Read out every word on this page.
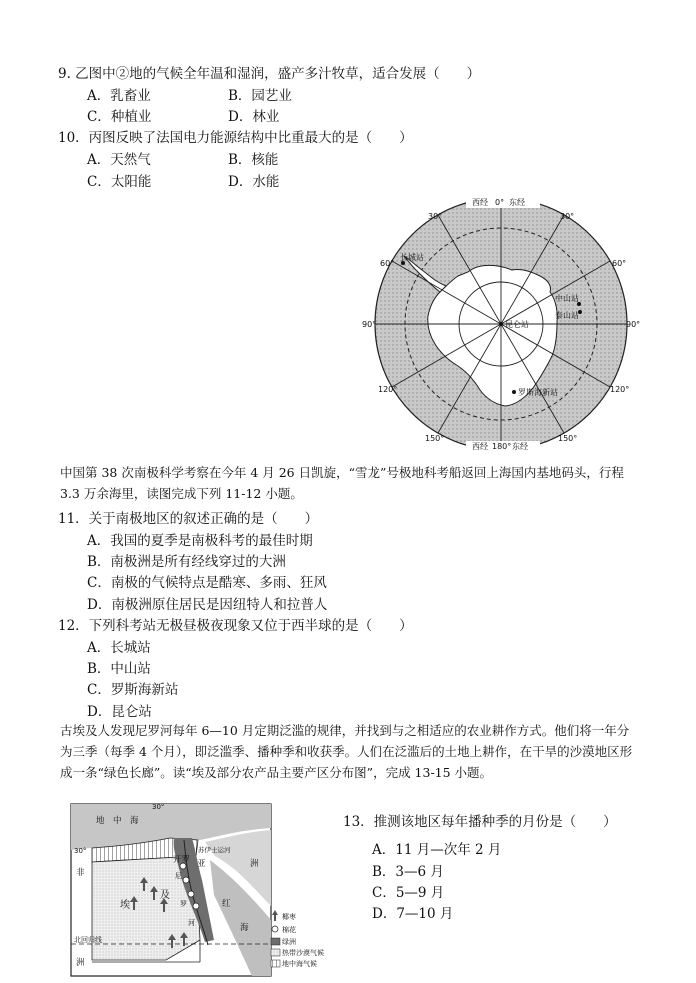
9. 乙图中②地的气候全年温和湿润，盛产多汁牧草，适合发展（　　）
A．乳畜业	B．园艺业
C．种植业	D．林业
10．丙图反映了法国电力能源结构中比重最大的是（　　）
A．天然气	B．核能
C．太阳能	D．水能
西经 0° 东经
西经 180° 东经
30°	30°
60°	60°
90°	90°
120°	120°
150°	150°
长城站
中山站
泰山站
昆仑站
罗斯海新站
中国第 38 次南极科学考察在今年 4 月 26 日凯旋，“雪龙”号极地科考船返回上海国内基地码头，行程 3.3 万余海里，读图完成下列 11-12 小题。
11．关于南极地区的叙述正确的是（　　）
A．我国的夏季是南极科考的最佳时期
B．南极洲是所有经线穿过的大洲
C．南极的气候特点是酷寒、多雨、狂风
D．南极洲原住居民是因纽特人和拉普人
12．下列科考站无极昼极夜现象又位于西半球的是（　　）
A．长城站
B．中山站
C．罗斯海新站
D．昆仑站
古埃及人发现尼罗河每年 6—10 月定期泛滥的规律，并找到与之相适应的农业耕作方式。他们将一年分为三季（每季 4 个月），即泛滥季、播种季和收获季。人们在泛滥后的土地上耕作，在干旱的沙漠地区形成一条“绿色长廊”。读“埃及部分农产品主要产区分布图”，完成 13-15 小题。
地　中　海
30°
30°	苏伊士运河
开罗 亚	洲
非
埃
及
尼
罗
河
红
海
北回归线
洲
椰枣
棉花
绿洲
热带沙漠气候
地中海气候
13．推测该地区每年播种季的月份是（　　）
A．11 月—次年 2 月
B．3—6 月
C．5—9 月
D．7—10 月
